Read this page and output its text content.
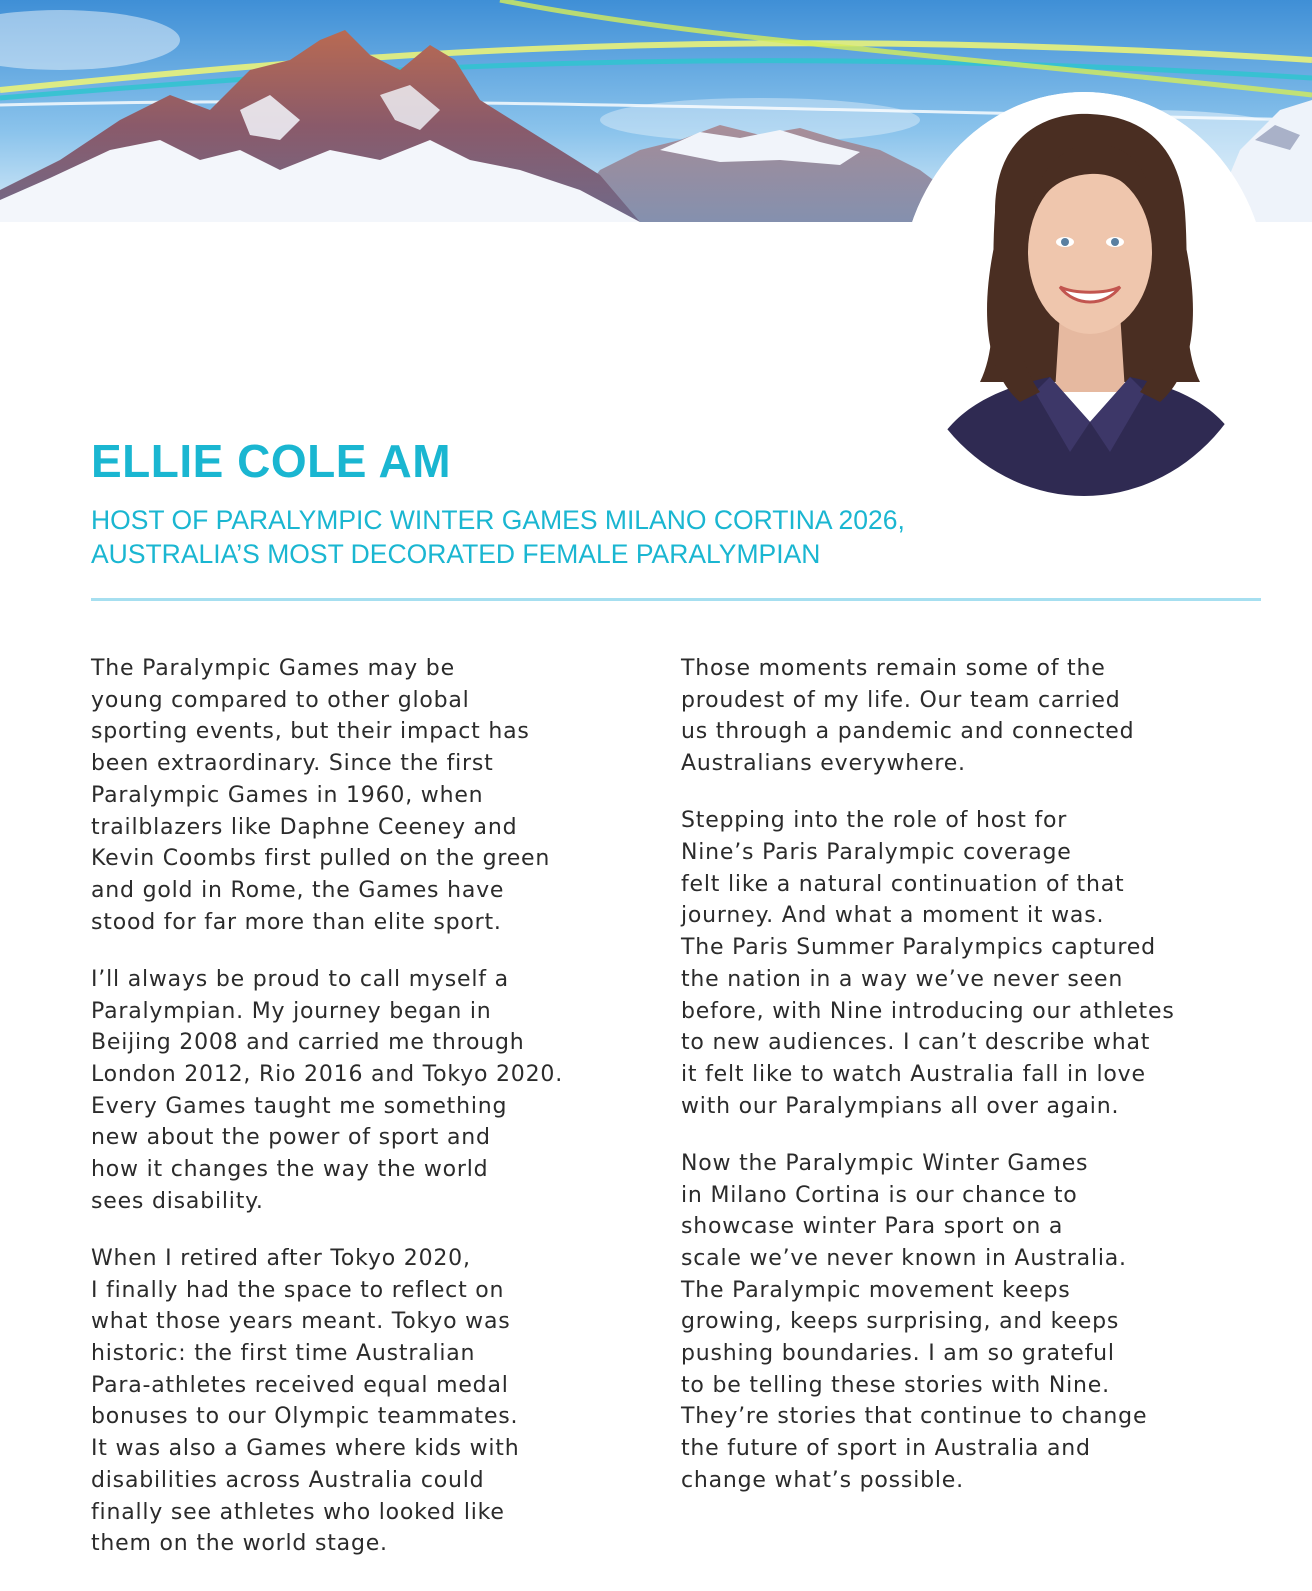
ELLIE COLE AM
HOST OF PARALYMPIC WINTER GAMES MILANO CORTINA 2026,
AUSTRALIA’S MOST DECORATED FEMALE PARALYMPIAN

The Paralympic Games may be
young compared to other global
sporting events, but their impact has
been extraordinary. Since the first
Paralympic Games in 1960, when
trailblazers like Daphne Ceeney and
Kevin Coombs first pulled on the green
and gold in Rome, the Games have
stood for far more than elite sport.

I’ll always be proud to call myself a
Paralympian. My journey began in
Beijing 2008 and carried me through
London 2012, Rio 2016 and Tokyo 2020.
Every Games taught me something
new about the power of sport and
how it changes the way the world
sees disability.

When I retired after Tokyo 2020,
I finally had the space to reflect on
what those years meant. Tokyo was
historic: the first time Australian
Para-athletes received equal medal
bonuses to our Olympic teammates.
It was also a Games where kids with
disabilities across Australia could
finally see athletes who looked like
them on the world stage.

Those moments remain some of the
proudest of my life. Our team carried
us through a pandemic and connected
Australians everywhere.

Stepping into the role of host for
Nine’s Paris Paralympic coverage
felt like a natural continuation of that
journey. And what a moment it was.
The Paris Summer Paralympics captured
the nation in a way we’ve never seen
before, with Nine introducing our athletes
to new audiences. I can’t describe what
it felt like to watch Australia fall in love
with our Paralympians all over again.

Now the Paralympic Winter Games
in Milano Cortina is our chance to
showcase winter Para sport on a
scale we’ve never known in Australia.
The Paralympic movement keeps
growing, keeps surprising, and keeps
pushing boundaries. I am so grateful
to be telling these stories with Nine.
They’re stories that continue to change
the future of sport in Australia and
change what’s possible.
